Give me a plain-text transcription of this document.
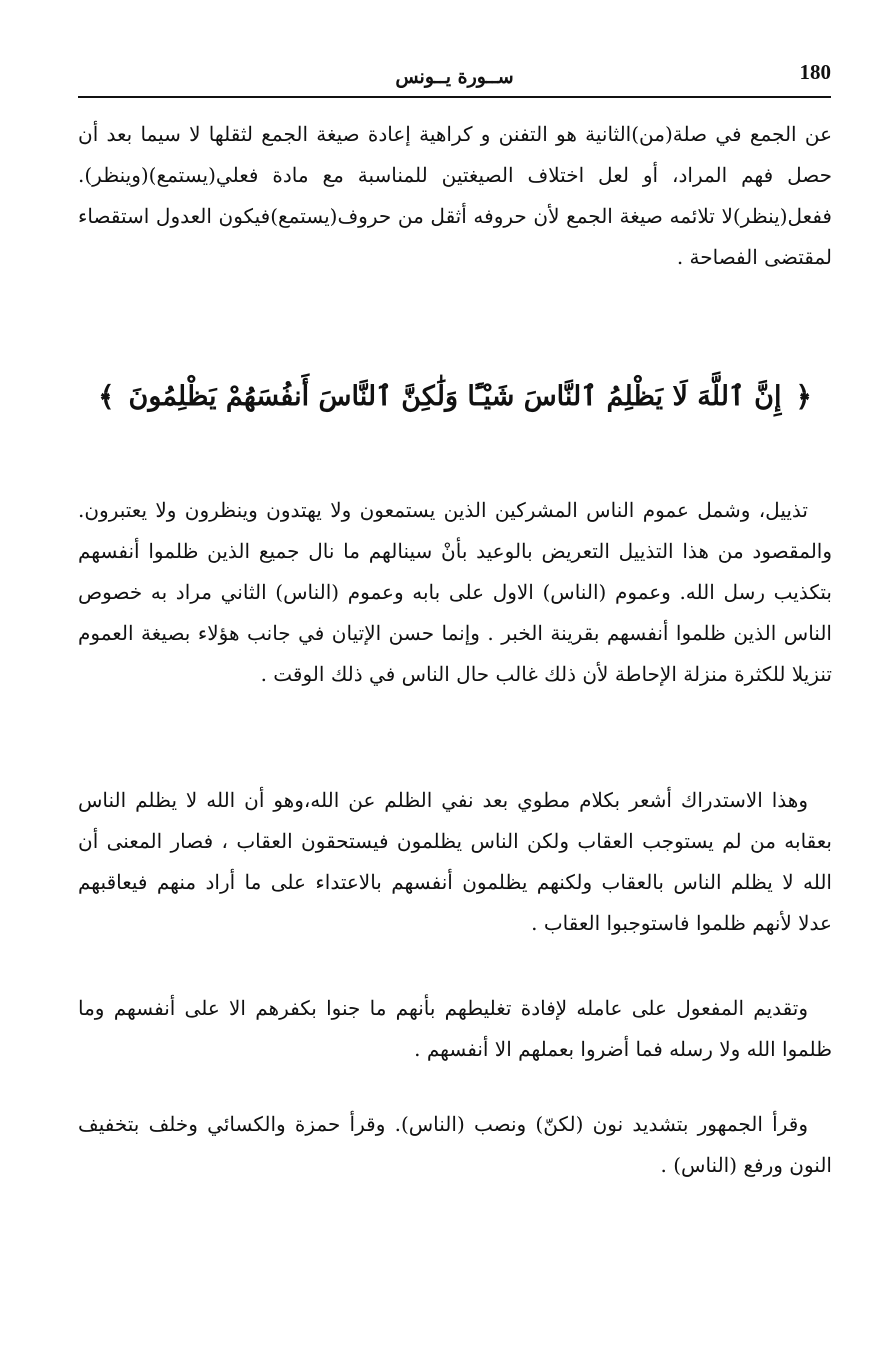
180
ســورة يــونس

عن الجمع في صلة(من)الثانية هو التفنن و كراهية إعادة صيغة الجمع لثقلها لا سيما بعد أن حصل فهم المراد، أو لعل اختلاف الصيغتين للمناسبة مع مادة فعلي(يستمع)(وينظر). ففعل(ينظر)لا تلائمه صيغة الجمع لأن حروفه أثقل من حروف(يستمع)فيكون العدول استقصاء لمقتضى الفصاحة .

﴿
إِنَّ ٱللَّهَ لَا يَظْلِمُ ٱلنَّاسَ شَيْـًٔا وَلَٰكِنَّ ٱلنَّاسَ أَنفُسَهُمْ يَظْلِمُونَ
﴾

تذييل، وشمل عموم الناس المشركين الذين يستمعون ولا يهتدون وينظرون ولا يعتبرون. والمقصود من هذا التذييل التعريض بالوعيد بأنْ سينالهم ما نال جميع الذين ظلموا أنفسهم بتكذيب رسل الله. وعموم (الناس) الاول على بابه وعموم (الناس) الثاني مراد به خصوص الناس الذين ظلموا أنفسهم بقرينة الخبر . وإنما حسن الإتيان في جانب هؤلاء بصيغة العموم تنزيلا للكثرة منزلة الإحاطة لأن ذلك غالب حال الناس في ذلك الوقت .

وهذا الاستدراك أشعر بكلام مطوي بعد نفي الظلم عن الله،وهو أن الله لا يظلم الناس بعقابه من لم يستوجب العقاب ولكن الناس يظلمون فيستحقون العقاب ، فصار المعنى أن الله لا يظلم الناس بالعقاب ولكنهم يظلمون أنفسهم بالاعتداء على ما أراد منهم فيعاقبهم عدلا لأنهم ظلموا فاستوجبوا العقاب .

وتقديم المفعول على عامله لإفادة تغليطهم بأنهم ما جنوا بكفرهم الا على أنفسهم وما ظلموا الله ولا رسله فما أضروا بعملهم الا أنفسهم .

وقرأ الجمهور بتشديد نون (لكنّ) ونصب (الناس). وقرأ حمزة والكسائي وخلف بتخفيف النون ورفع (الناس) .
